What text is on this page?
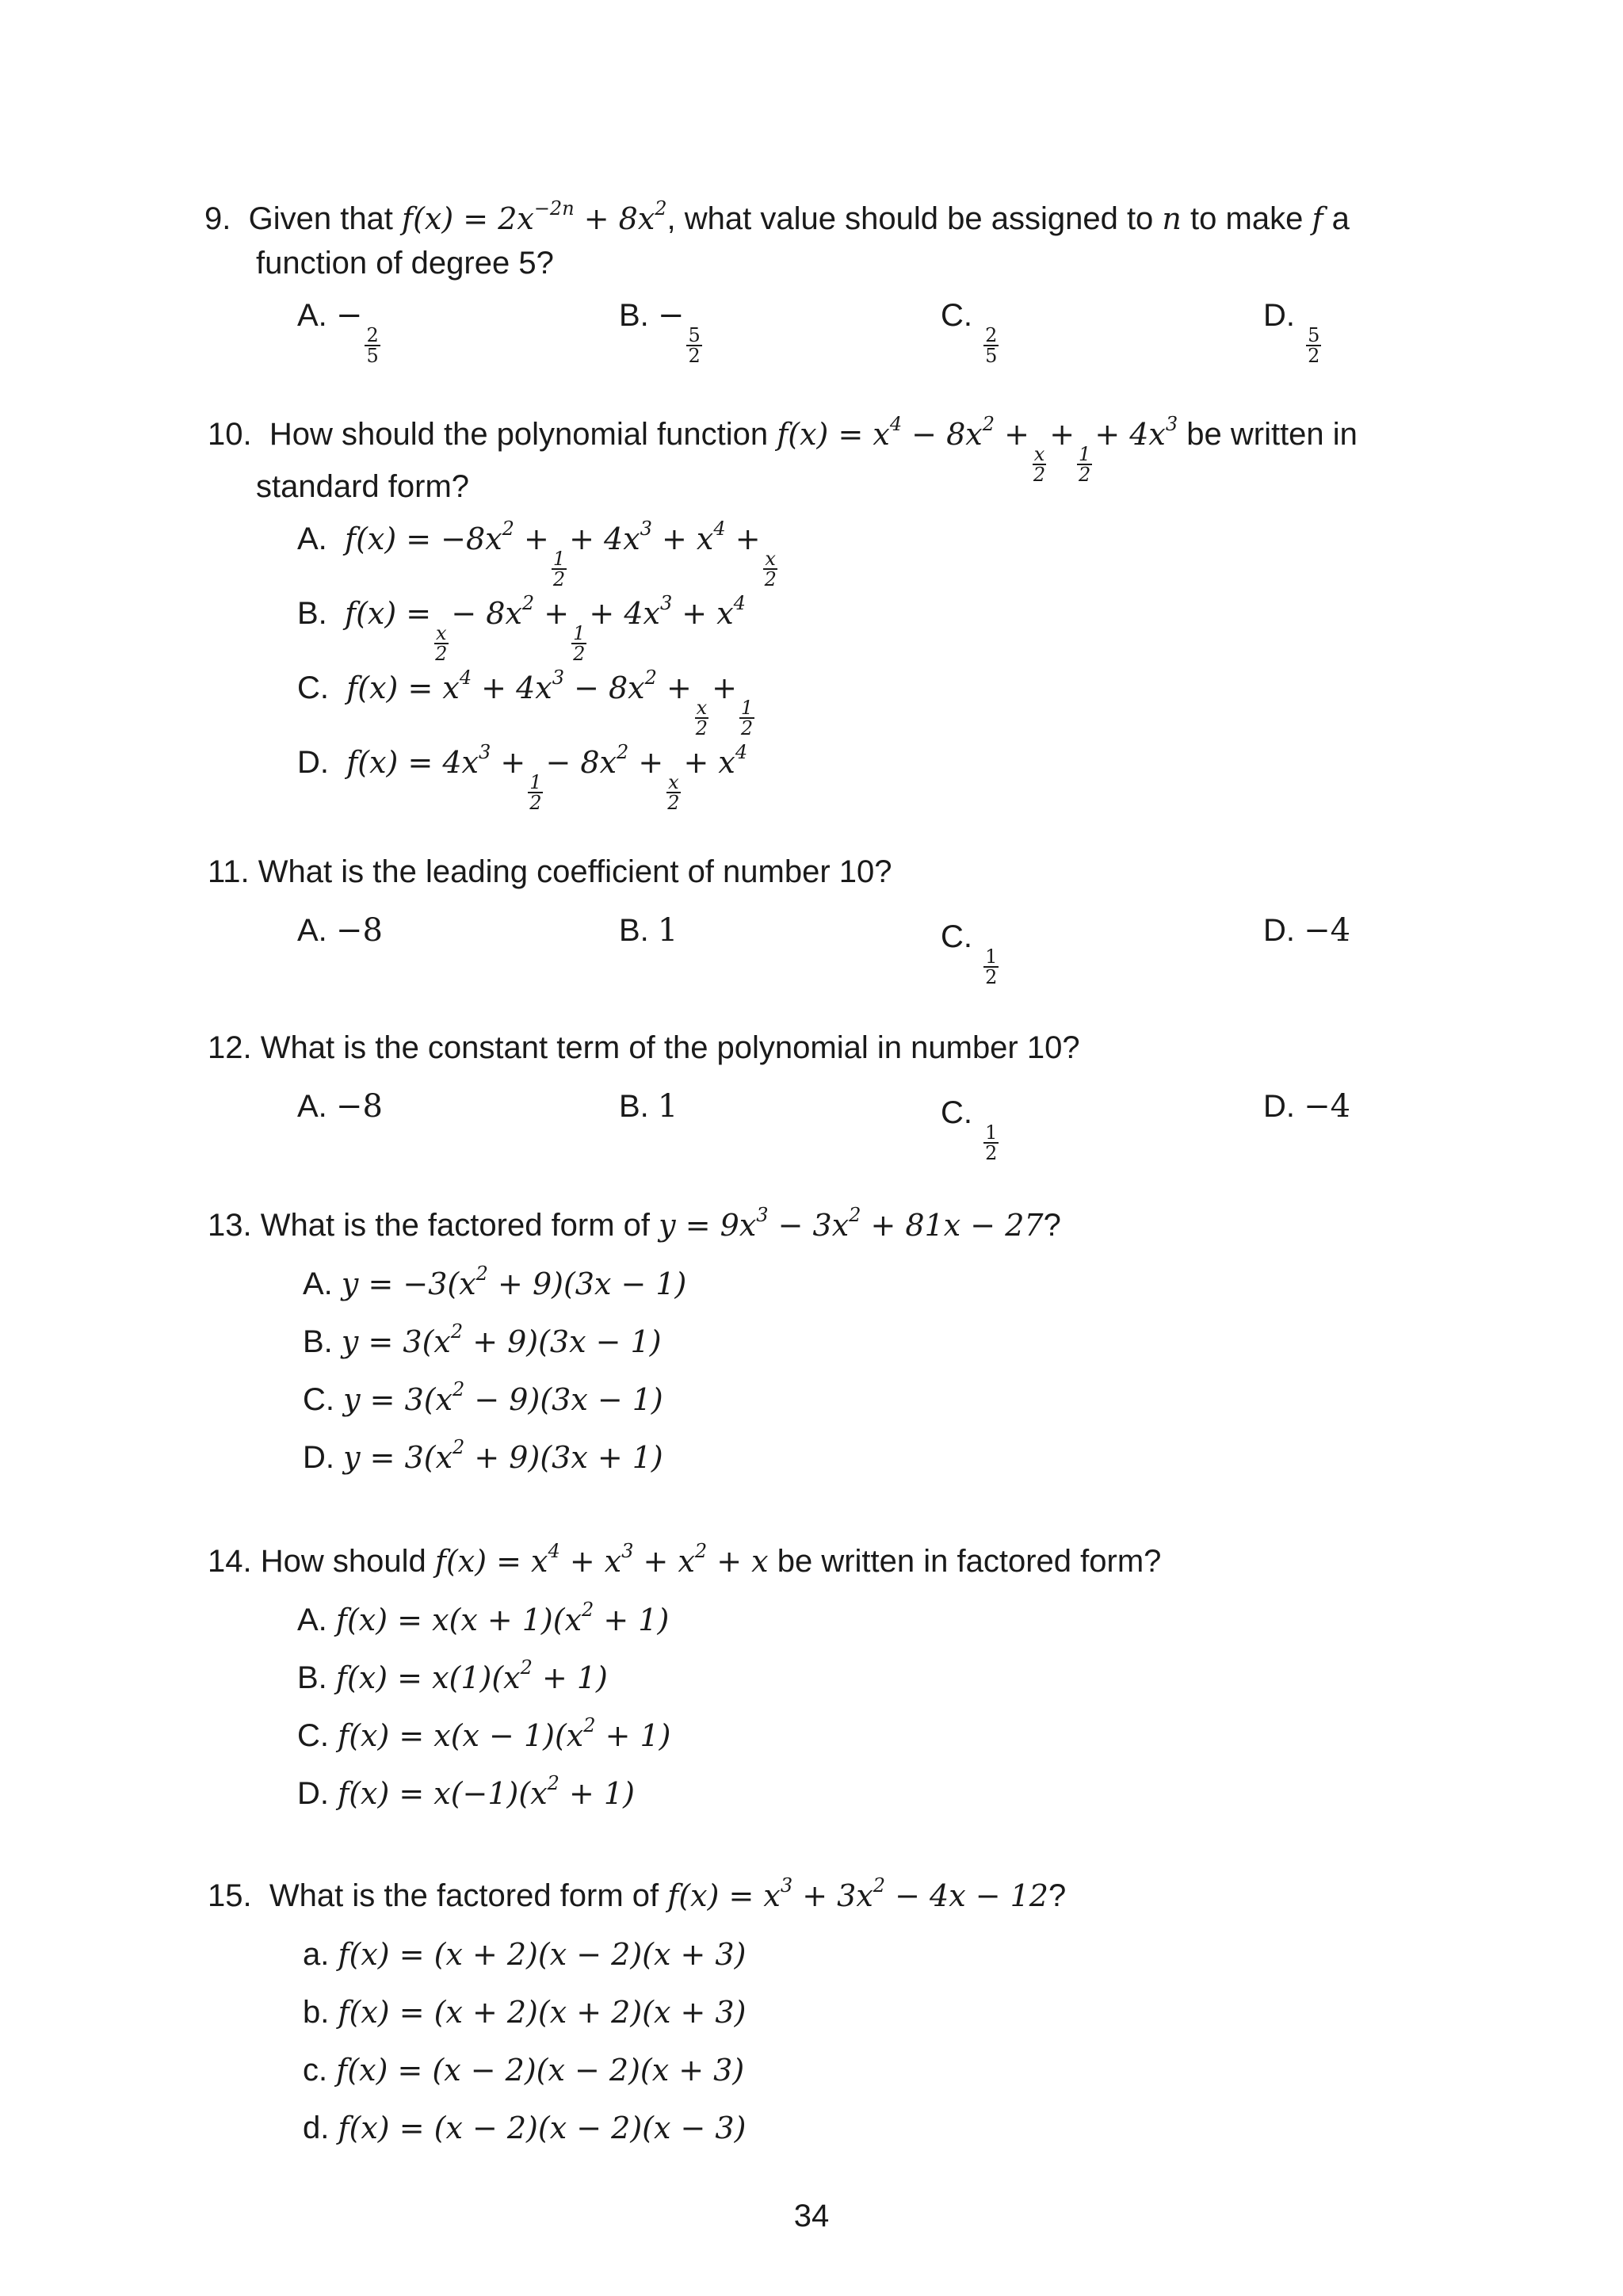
9. Given that $f(x) = 2x^{-2n} + 8x^2$, what value should be assigned to n to make f a
function of degree 5?
A. −
$\frac{2}{5}$
B. −
$\frac{5}{2}$
C.
$\frac{2}{5}$
D.
$\frac{5}{2}$
10. How should the polynomial function $f(x) = x^4 - 8x^2$ +
$\frac{x}{2}$
+
$\frac{1}{2}$
+ $4x^3$ be written in
standard form?
A. $f(x) = -8x^2$ +
$\frac{1}{2}$
+ $4x^3 + x^4$ +
$\frac{x}{2}$
B. f(x) =
$\frac{x}{2}$
− $8x^2$ +
$\frac{1}{2}$
+ $4x^3 + x^4$
C. $f(x) = x^4 + 4x^3 - 8x^2$ +
$\frac{x}{2}$
+
$\frac{1}{2}$
D. $f(x) = 4x^3$ +
$\frac{1}{2}$
− $8x^2$ +
$\frac{x}{2}$
+ $x^4$
11. What is the leading coefficient of number 10?
A. −8	B. 1	C.
$\frac{1}{2}$
D. −4
12. What is the constant term of the polynomial in number 10?
A. −8	B. 1	C.
$\frac{1}{2}$
D. −4
13. What is the factored form of $y = 9x^3 - 3x^2 + 81x - 27$?
A. $y = -3(x^2 + 9)(3x - 1)$
B. $y = 3(x^2 + 9)(3x - 1)$
C. $y = 3(x^2 - 9)(3x - 1)$
D. $y = 3(x^2 + 9)(3x + 1)$
14. How should $f(x) = x^4 + x^3 + x^2 + x$ be written in factored form?
A. $f(x) = x(x + 1)(x^2 + 1)$
B. $f(x) = x(1)(x^2 + 1)$
C. $f(x) = x(x - 1)(x^2 + 1)$
D. $f(x) = x(-1)(x^2 + 1)$
15. What is the factored form of $f(x) = x^3 + 3x^2 - 4x - 12$?
a. f(x) = (x + 2)(x − 2)(x + 3)
b. f(x) = (x + 2)(x + 2)(x + 3)
c. f(x) = (x − 2)(x − 2)(x + 3)
d. f(x) = (x − 2)(x − 2)(x − 3)
34
